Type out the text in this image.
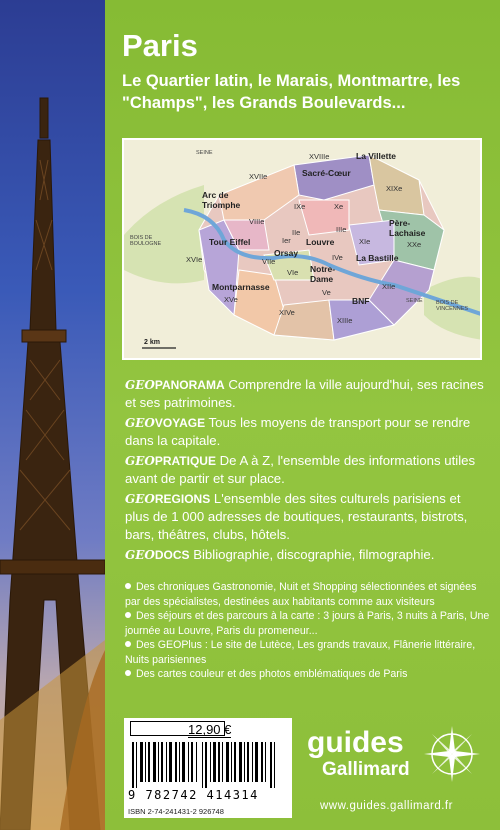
Paris
Le Quartier latin, le Marais, Montmartre, les "Champs", les Grands Boulevards...
La Villette
Sacré-Cœur
Arc de Triomphe
Père-Lachaise
Tour Eiffel	Louvre
Orsay	La Bastille
Notre-Dame
Montparnasse
BNF
BOIS DE BOULOGNE
BOIS DE VINCENNES
SEINE
SEINE
XVIIIe
XVIIe
XIXe
IXe	Xe
IIe	IIIe
VIIIe
XVIe
Ier	XIe	XXe
VIIe	IVe
VIe
Ve
XIIe
XVe
XIVe
XIIIe
2 km
GEOPANORAMA Comprendre la ville aujourd'hui, ses racines et ses patrimoines.
GEOVOYAGE Tous les moyens de transport pour se rendre dans la capitale.
GEOPRATIQUE De A à Z, l'ensemble des informations utiles avant de partir et sur place.
GEOREGIONS L'ensemble des sites culturels parisiens et plus de 1 000 adresses de boutiques, restaurants, bistrots, bars, théâtres, clubs, hôtels.
GEODOCS Bibliographie, discographie, filmographie.
Des chroniques Gastronomie, Nuit et Shopping sélectionnées et signées par des spécialistes, destinées aux habitants comme aux visiteurs
Des séjours et des parcours à la carte : 3 jours à Paris, 3 nuits à Paris, Une journée au Louvre, Paris du promeneur...
Des GEOPlus : Le site de Lutèce, Les grands travaux, Flânerie littéraire, Nuits parisiennes
Des cartes couleur et des photos emblématiques de Paris
12,90 €
9 782742 414314
ISBN 2-74-241431-2 926748
guides
Gallimard
www.guides.gallimard.fr
